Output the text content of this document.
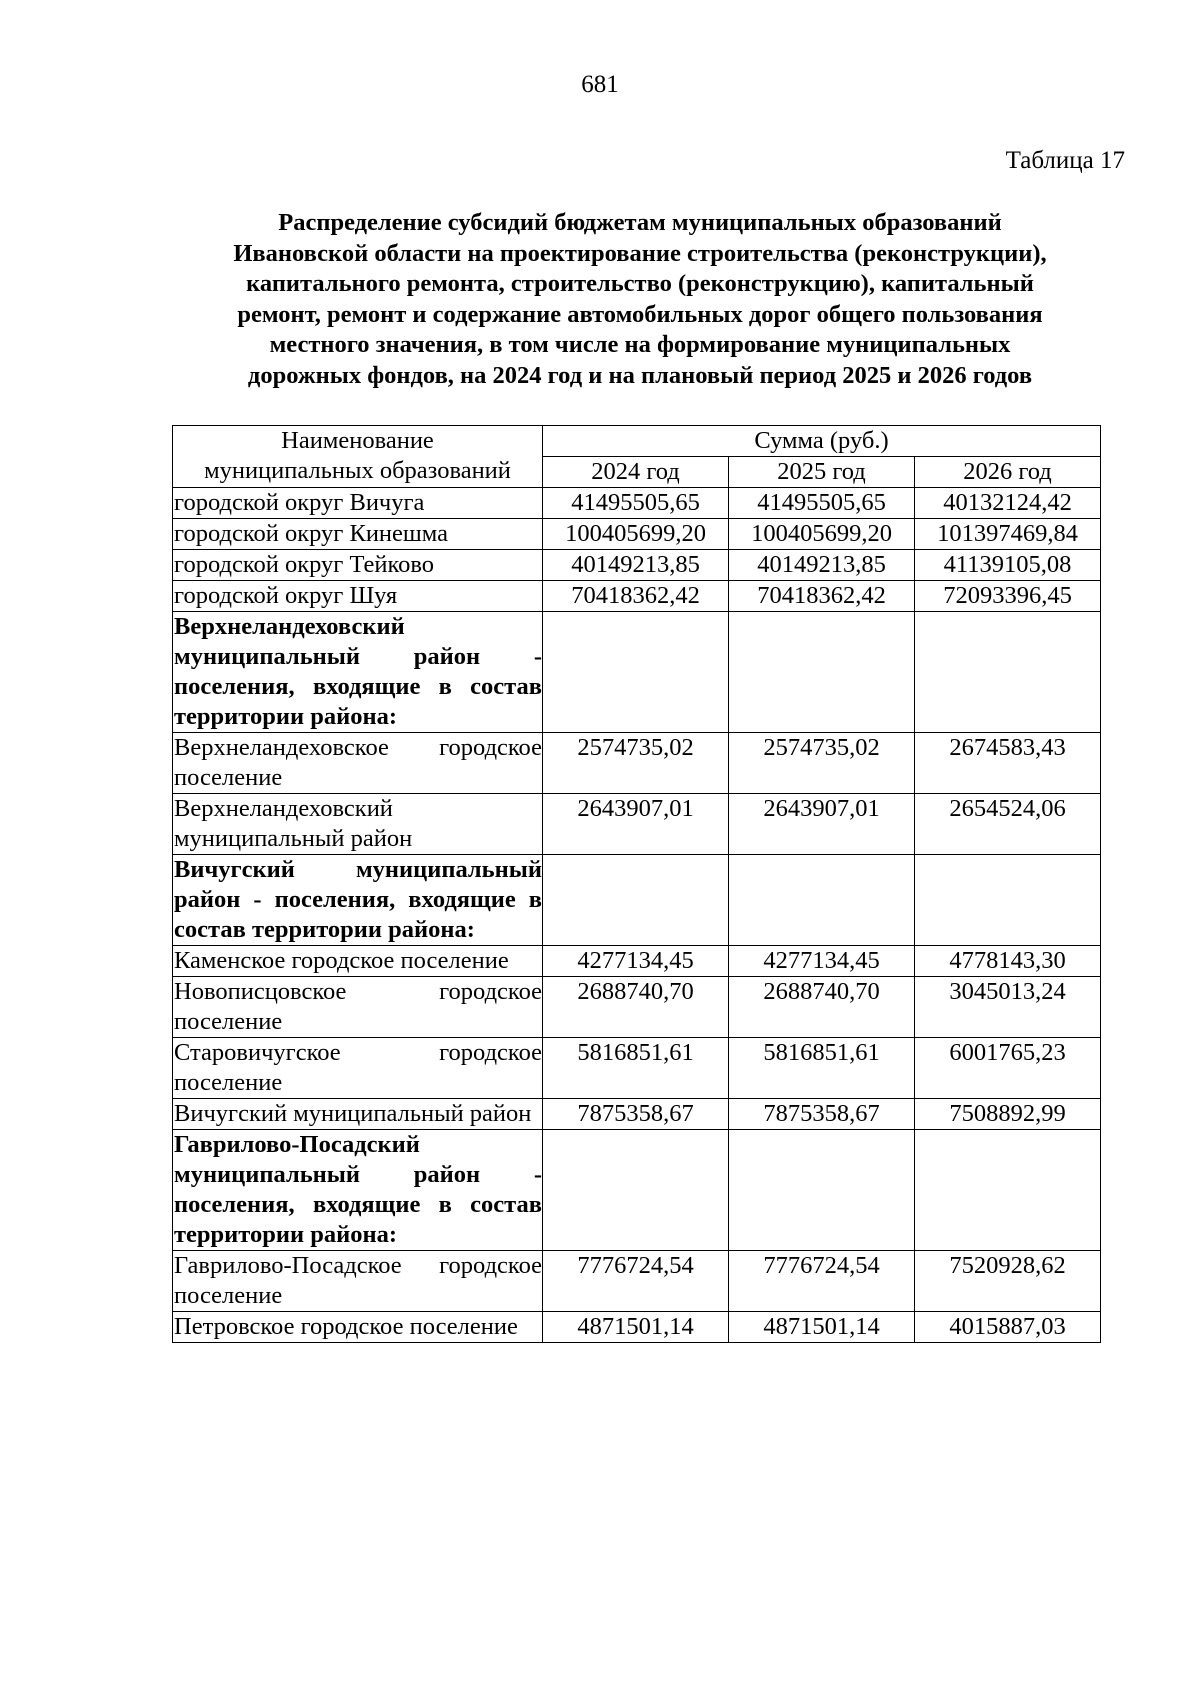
681
Таблица 17
Распределение субсидий бюджетам муниципальных образований
Ивановской области на проектирование строительства (реконструкции),
капитального ремонта, строительство (реконструкцию), капитальный
ремонт, ремонт и содержание автомобильных дорог общего пользования
местного значения, в том числе на формирование муниципальных
дорожных фондов, на 2024 год и на плановый период 2025 и 2026 годов
Наименование
муниципальных образований	Сумма (руб.)		
	2024 год	2025 год	2026 год
городской округ Вичуга	41495505,65	41495505,65	40132124,42
городской округ Кинешма	100405699,20	100405699,20	101397469,84
городской округ Тейково	40149213,85	40149213,85	41139105,08
городской округ Шуя	70418362,42	70418362,42	72093396,45
Верхнеландеховский муниципальный район - поселения, входящие в состав территории района:			
Верхнеландеховское городское поселение	2574735,02	2574735,02	2674583,43
Верхнеландеховский муниципальный район	2643907,01	2643907,01	2654524,06
Вичугский муниципальный район - поселения, входящие в состав территории района:			
Каменское городское поселение	4277134,45	4277134,45	4778143,30
Новописцовское городское поселение	2688740,70	2688740,70	3045013,24
Старовичугское городское поселение	5816851,61	5816851,61	6001765,23
Вичугский муниципальный район	7875358,67	7875358,67	7508892,99
Гаврилово-Посадский муниципальный район - поселения, входящие в состав территории района:			
Гаврилово-Посадское городское поселение	7776724,54	7776724,54	7520928,62
Петровское городское поселение	4871501,14	4871501,14	4015887,03
